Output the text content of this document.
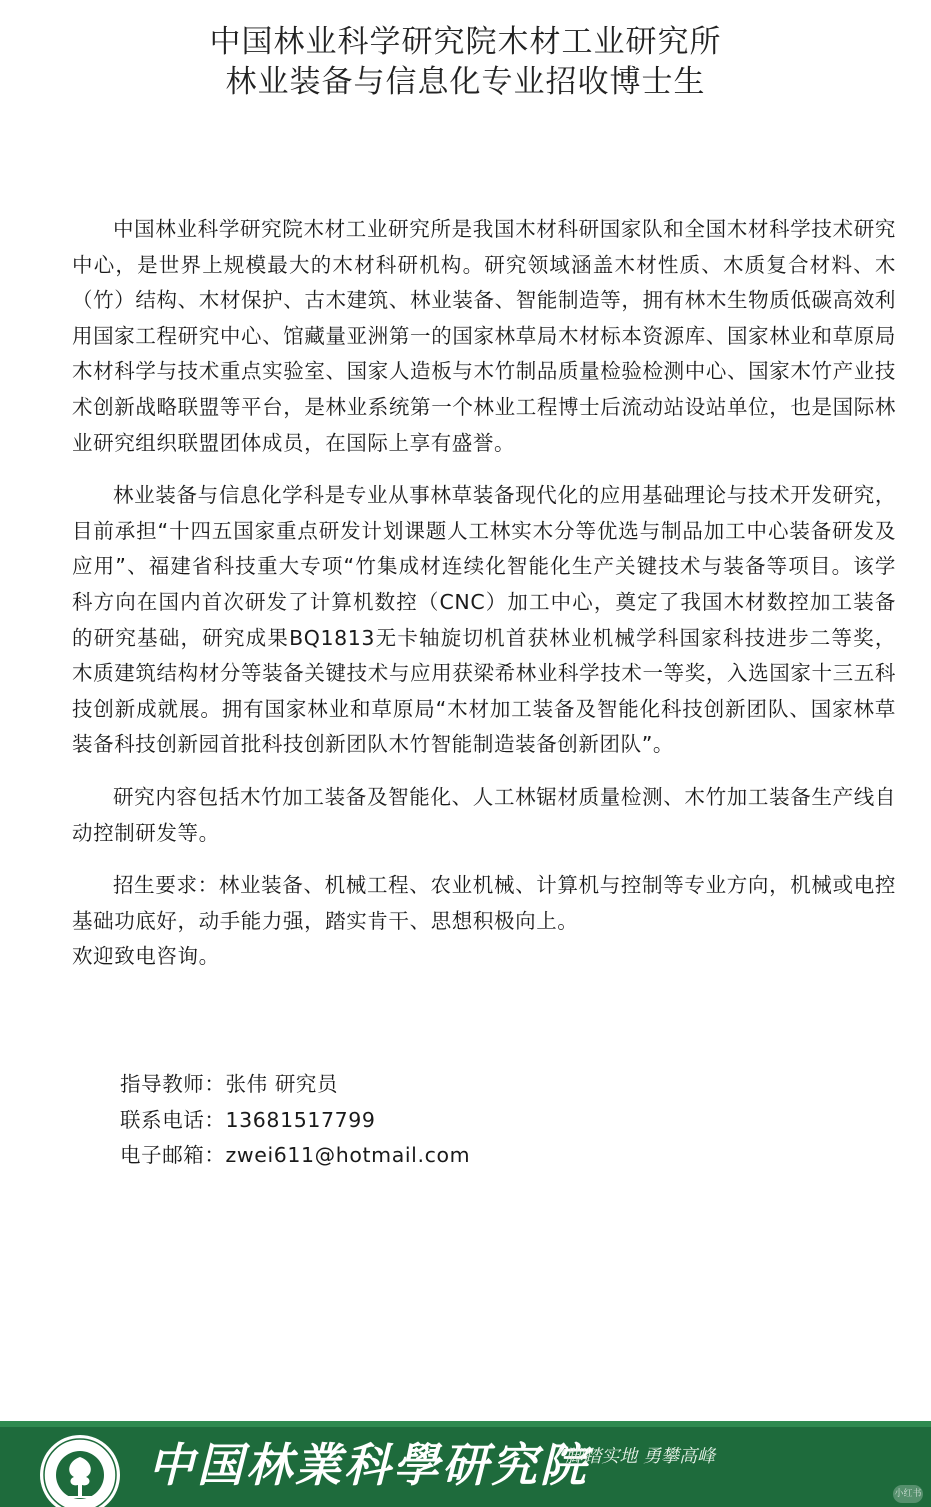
中国林业科学研究院木材工业研究所
林业装备与信息化专业招收博士生

中国林业科学研究院木材工业研究所是我国木材科研国家队和全国木材科学技术研究中心，是世界上规模最大的木材科研机构。研究领域涵盖木材性质、木质复合材料、木（竹）结构、木材保护、古木建筑、林业装备、智能制造等，拥有林木生物质低碳高效利用国家工程研究中心、馆藏量亚洲第一的国家林草局木材标本资源库、国家林业和草原局木材科学与技术重点实验室、国家人造板与木竹制品质量检验检测中心、国家木竹产业技术创新战略联盟等平台，是林业系统第一个林业工程博士后流动站设站单位，也是国际林业研究组织联盟团体成员，在国际上享有盛誉。

林业装备与信息化学科是专业从事林草装备现代化的应用基础理论与技术开发研究，目前承担“十四五国家重点研发计划课题人工林实木分等优选与制品加工中心装备研发及应用”、福建省科技重大专项“竹集成材连续化智能化生产关键技术与装备等项目。该学科方向在国内首次研发了计算机数控（CNC）加工中心，奠定了我国木材数控加工装备的研究基础，研究成果BQ1813无卡轴旋切机首获林业机械学科国家科技进步二等奖，木质建筑结构材分等装备关键技术与应用获梁希林业科学技术一等奖，入选国家十三五科技创新成就展。拥有国家林业和草原局“木材加工装备及智能化科技创新团队、国家林草装备科技创新园首批科技创新团队木竹智能制造装备创新团队”。

研究内容包括木竹加工装备及智能化、人工林锯材质量检测、木竹加工装备生产线自动控制研发等。

招生要求：林业装备、机械工程、农业机械、计算机与控制等专业方向，机械或电控基础功底好，动手能力强，踏实肯干、思想积极向上。

欢迎致电咨询。
指导教师：张伟 研究员
联系电话：13681517799
电子邮箱：zwei611@hotmail.com
中国林業科學研究院
“脚踏实地 勇攀高峰
小红书
